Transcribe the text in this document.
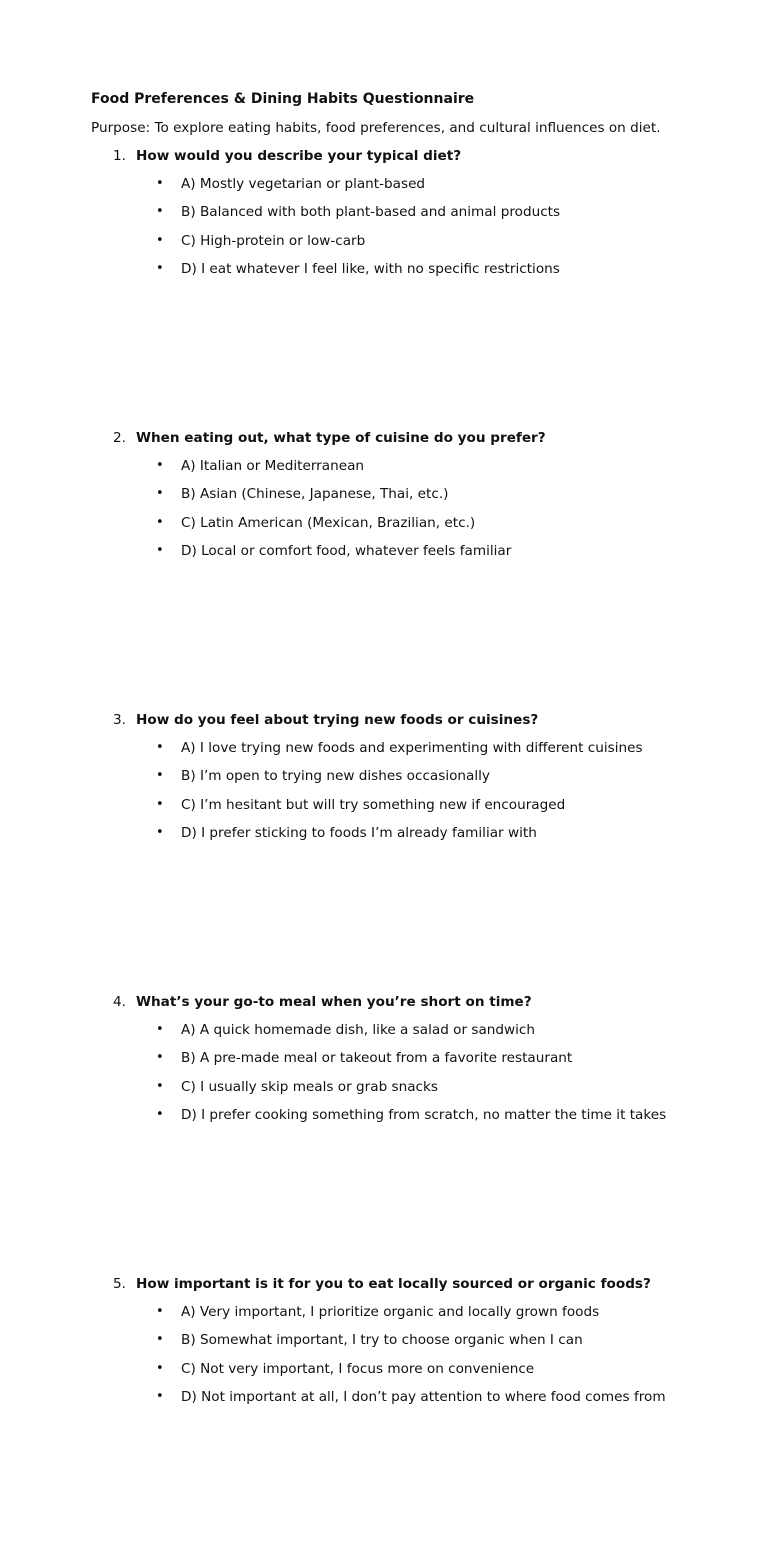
Food Preferences & Dining Habits Questionnaire
Purpose: To explore eating habits, food preferences, and cultural influences on diet.
1. How would you describe your typical diet?
• A) Mostly vegetarian or plant-based
• B) Balanced with both plant-based and animal products
• C) High-protein or low-carb
• D) I eat whatever I feel like, with no specific restrictions
2. When eating out, what type of cuisine do you prefer?
• A) Italian or Mediterranean
• B) Asian (Chinese, Japanese, Thai, etc.)
• C) Latin American (Mexican, Brazilian, etc.)
• D) Local or comfort food, whatever feels familiar
3. How do you feel about trying new foods or cuisines?
• A) I love trying new foods and experimenting with different cuisines
• B) I’m open to trying new dishes occasionally
• C) I’m hesitant but will try something new if encouraged
• D) I prefer sticking to foods I’m already familiar with
4. What’s your go-to meal when you’re short on time?
• A) A quick homemade dish, like a salad or sandwich
• B) A pre-made meal or takeout from a favorite restaurant
• C) I usually skip meals or grab snacks
• D) I prefer cooking something from scratch, no matter the time it takes
5. How important is it for you to eat locally sourced or organic foods?
• A) Very important, I prioritize organic and locally grown foods
• B) Somewhat important, I try to choose organic when I can
• C) Not very important, I focus more on convenience
• D) Not important at all, I don’t pay attention to where food comes from
